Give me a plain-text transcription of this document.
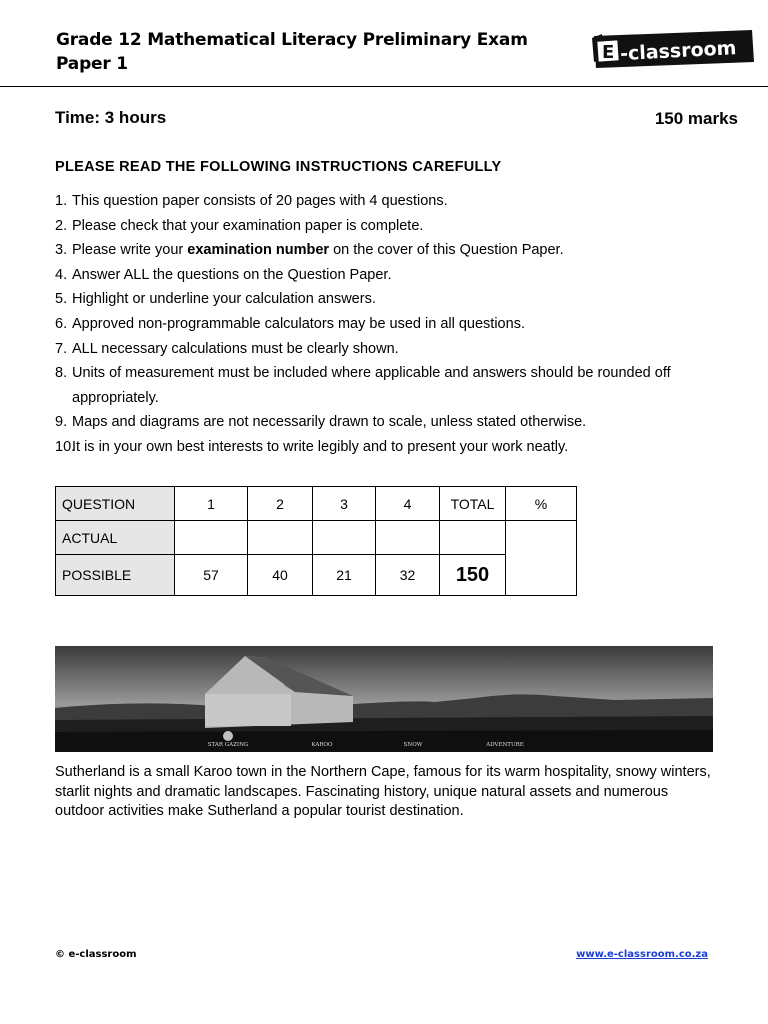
Grade 12 Mathematical Literacy Preliminary Exam
Paper 1
E -classroom
Time: 3 hours	150 marks
PLEASE READ THE FOLLOWING INSTRUCTIONS CAREFULLY
1. This question paper consists of 20 pages with 4 questions.
2. Please check that your examination paper is complete.
3. Please write your examination number on the cover of this Question Paper.
4. Answer ALL the questions on the Question Paper.
5. Highlight or underline your calculation answers.
6. Approved non-programmable calculators may be used in all questions.
7. ALL necessary calculations must be clearly shown.
8. Units of measurement must be included where applicable and answers should be rounded off
appropriately.
9. Maps and diagrams are not necessarily drawn to scale, unless stated otherwise.
10.
It is in your own best interests to write legibly and to present your work neatly.
QUESTION	1	2	3	4	TOTAL	%
ACTUAL						
POSSIBLE	57	40	21	32	150	
STAR GAZING	KAROO	SNOW	ADVENTURE
Sutherland is a small Karoo town in the Northern Cape, famous for its warm hospitality, snowy winters, starlit nights and dramatic landscapes. Fascinating history, unique natural assets and numerous outdoor activities make Sutherland a popular tourist destination.
© e-classroom	www.e-classroom.co.za
